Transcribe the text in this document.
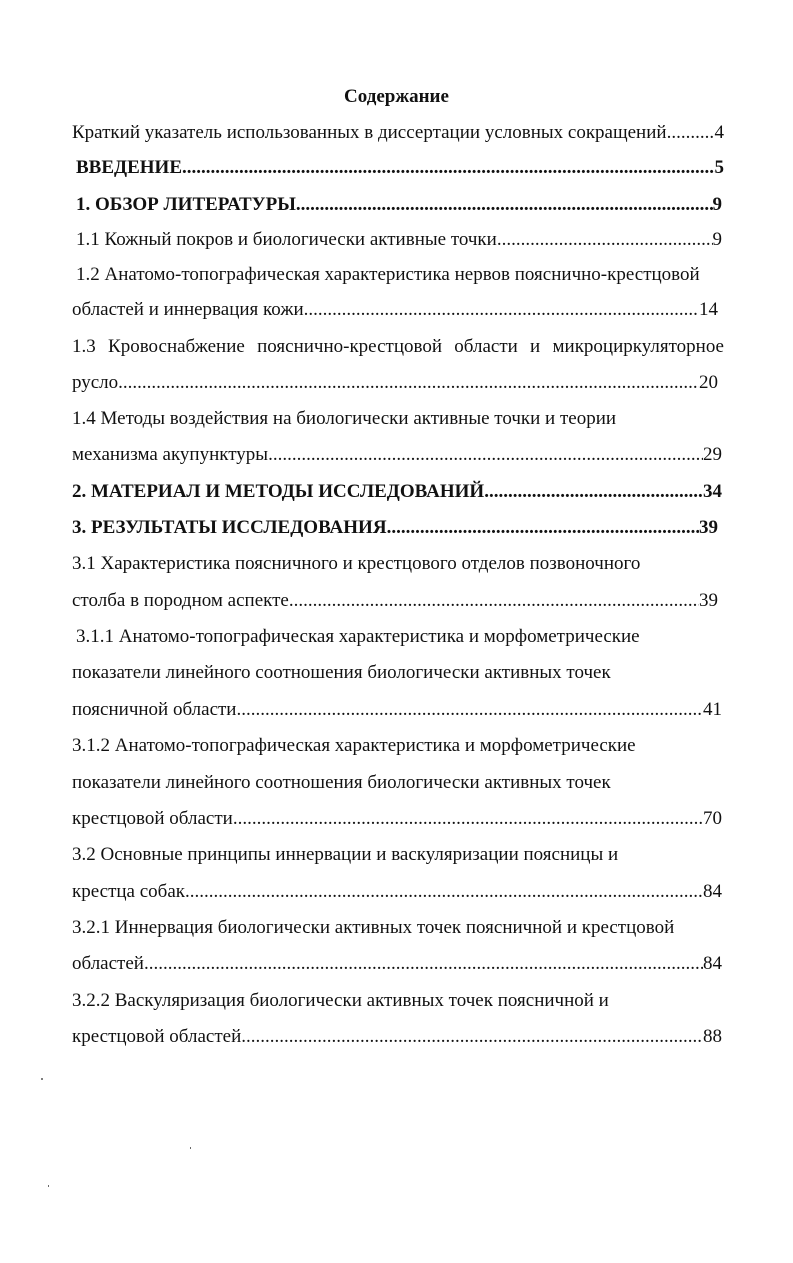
Содержание
Краткий указатель использованных в диссертации условных сокращений .....	4
ВВЕДЕНИЕ .....	5
1. ОБЗОР ЛИТЕРАТУРЫ .....	9
1.1 Кожный покров и биологически активные точки .....	9
1.2 Анатомо-топографическая характеристика нервов пояснично-крестцовой
областей и иннервация кожи .....	14
1.3 Кровоснабжение пояснично-крестцовой области и микроциркуляторное
русло .....	20
1.4 Методы воздействия на биологически активные точки и теории
механизма акупунктуры .....	29
2. МАТЕРИАЛ И МЕТОДЫ ИССЛЕДОВАНИЙ .....	34
3. РЕЗУЛЬТАТЫ ИССЛЕДОВАНИЯ .....	39
3.1 Характеристика поясничного и крестцового отделов позвоночного
столба в породном аспекте .....	39
3.1.1 Анатомо-топографическая характеристика и морфометрические
показатели линейного соотношения биологически активных точек
поясничной области .....	41
3.1.2 Анатомо-топографическая характеристика и морфометрические
показатели линейного соотношения биологически активных точек
крестцовой области .....	70
3.2 Основные принципы иннервации и васкуляризации поясницы и
крестца собак .....	84
3.2.1 Иннервация биологически активных точек поясничной и крестцовой
областей .....	84
3.2.2 Васкуляризация биологически активных точек поясничной и
крестцовой областей .....	88
